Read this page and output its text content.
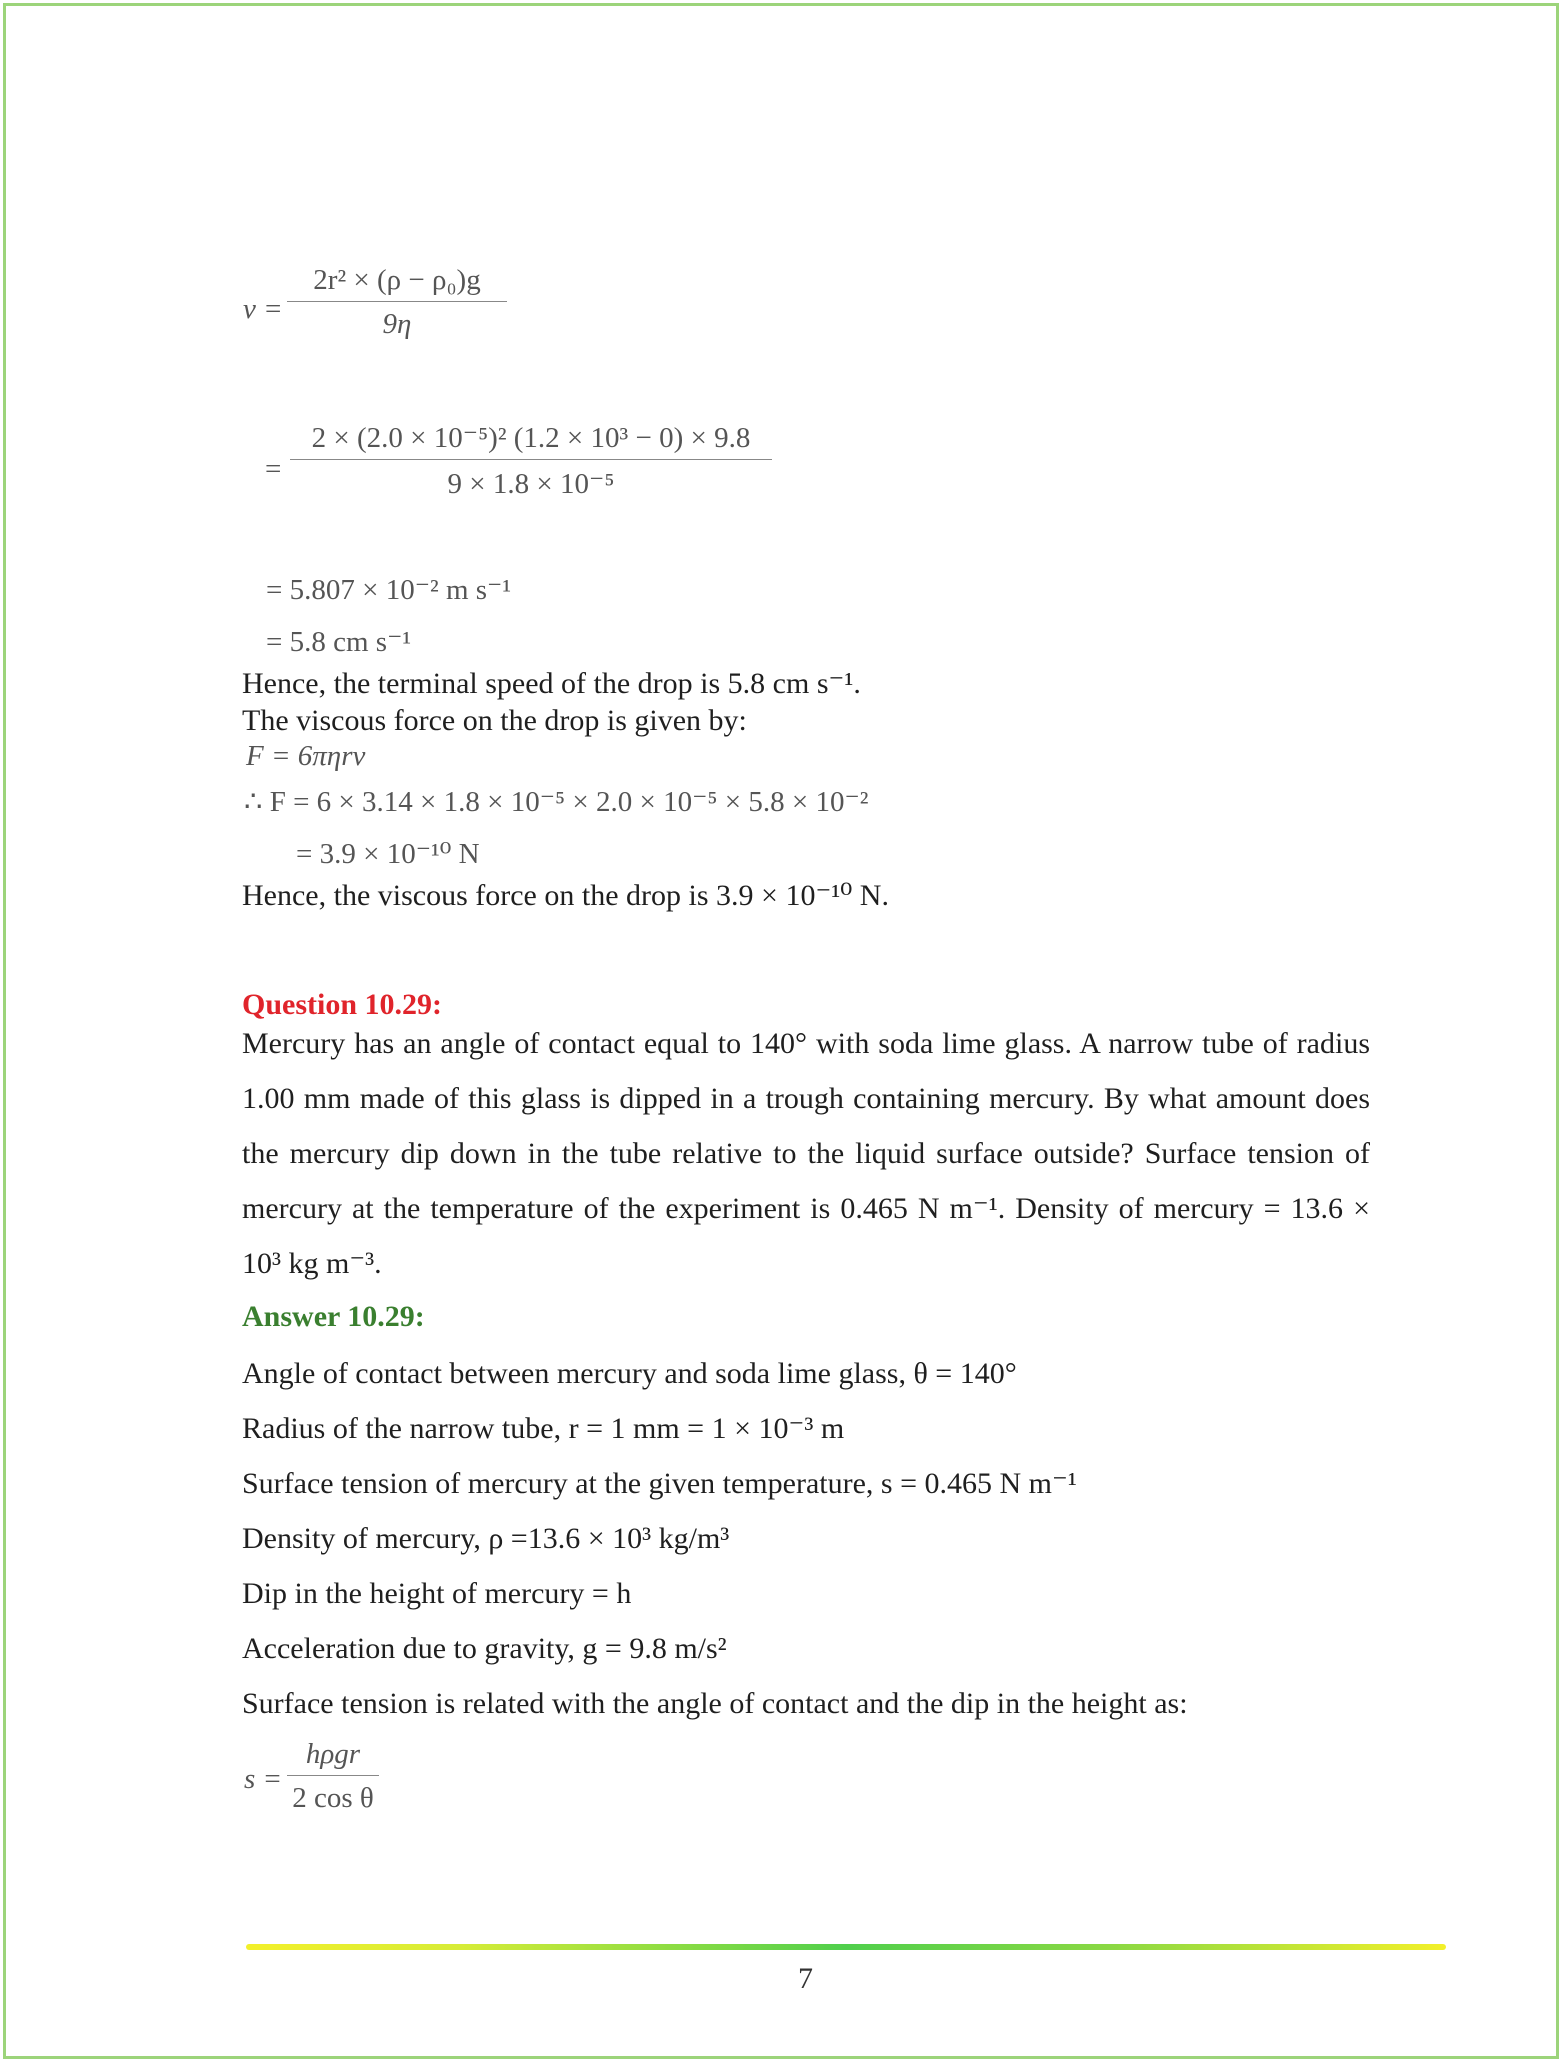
v =
2r² × (ρ − ρ₀)g
9η
=
2 × (2.0 × 10⁻⁵)² (1.2 × 10³ − 0) × 9.8
9 × 1.8 × 10⁻⁵
= 5.807 × 10⁻² m s⁻¹
= 5.8 cm s⁻¹
Hence, the terminal speed of the drop is 5.8 cm s⁻¹.
The viscous force on the drop is given by:
F = 6πηrv
∴ F = 6 × 3.14 × 1.8 × 10⁻⁵ × 2.0 × 10⁻⁵ × 5.8 × 10⁻²
= 3.9 × 10⁻¹⁰ N
Hence, the viscous force on the drop is 3.9 × 10⁻¹⁰ N.
Question 10.29:
Mercury has an angle of contact equal to 140° with soda lime glass. A narrow tube of radius 1.00 mm made of this glass is dipped in a trough containing mercury. By what amount does the mercury dip down in the tube relative to the liquid surface outside? Surface tension of mercury at the temperature of the experiment is 0.465 N m⁻¹. Density of mercury = 13.6 × 10³ kg m⁻³.
Answer 10.29:
Angle of contact between mercury and soda lime glass, θ = 140°
Radius of the narrow tube, r = 1 mm = 1 × 10⁻³ m
Surface tension of mercury at the given temperature, s = 0.465 N m⁻¹
Density of mercury, ρ =13.6 × 10³ kg/m³
Dip in the height of mercury = h
Acceleration due to gravity, g = 9.8 m/s²
Surface tension is related with the angle of contact and the dip in the height as:
s =
hρgr
2 cos θ
7
